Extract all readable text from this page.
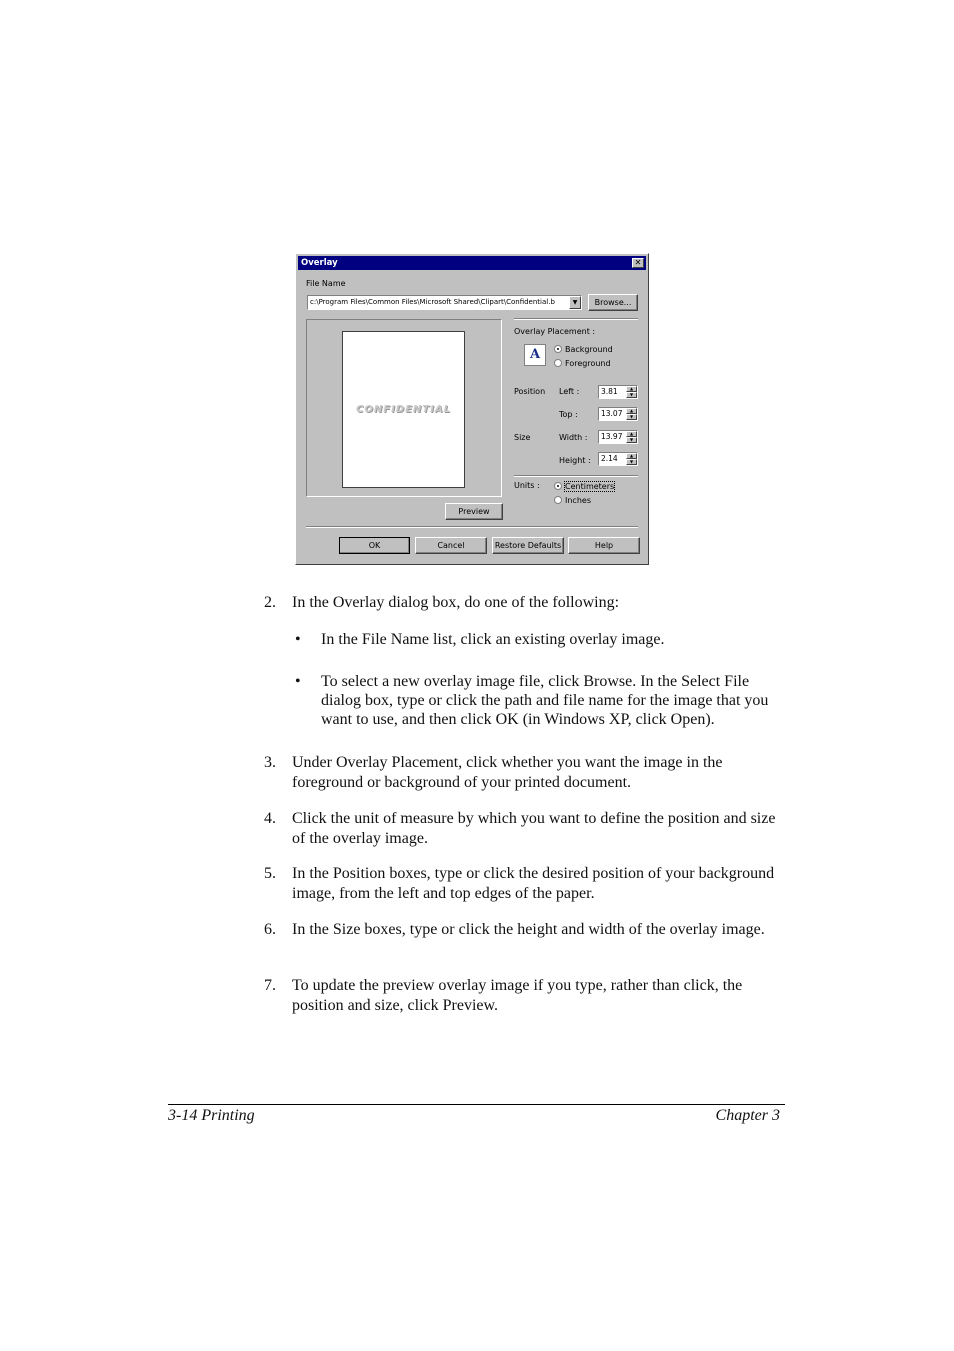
Overlay	✕
File Name
c:\Program Files\Common Files\Microsoft Shared\Clipart\Confidential.b	▼	Browse...
CONFIDENTIAL
Preview
Overlay Placement :
A	Background
Foreground
Position Left :	3.81	▲
▼
Top :	13.07	▲
▼
Size	Width :	13.97	▲
▼
Height :	2.14	▲
▼
Units :	Centimeters
Inches
OK	Cancel	Restore Defaults	Help
2.	In the Overlay dialog box, do one of the following:
• In the File Name list, click an existing overlay image.
• To select a new overlay image file, click Browse. In the Select File dialog box, type or click the path and file name for the image that you want to use, and then click OK (in Windows XP, click Open).
3.	Under Overlay Placement, click whether you want the image in the foreground or background of your printed document.
4.	Click the unit of measure by which you want to define the position and size of the overlay image.
5.	In the Position boxes, type or click the desired position of your background image, from the left and top edges of the paper.
6.	In the Size boxes, type or click the height and width of the overlay image.
7.	To update the preview overlay image if you type, rather than click, the position and size, click Preview.
3-14 Printing	Chapter 3
